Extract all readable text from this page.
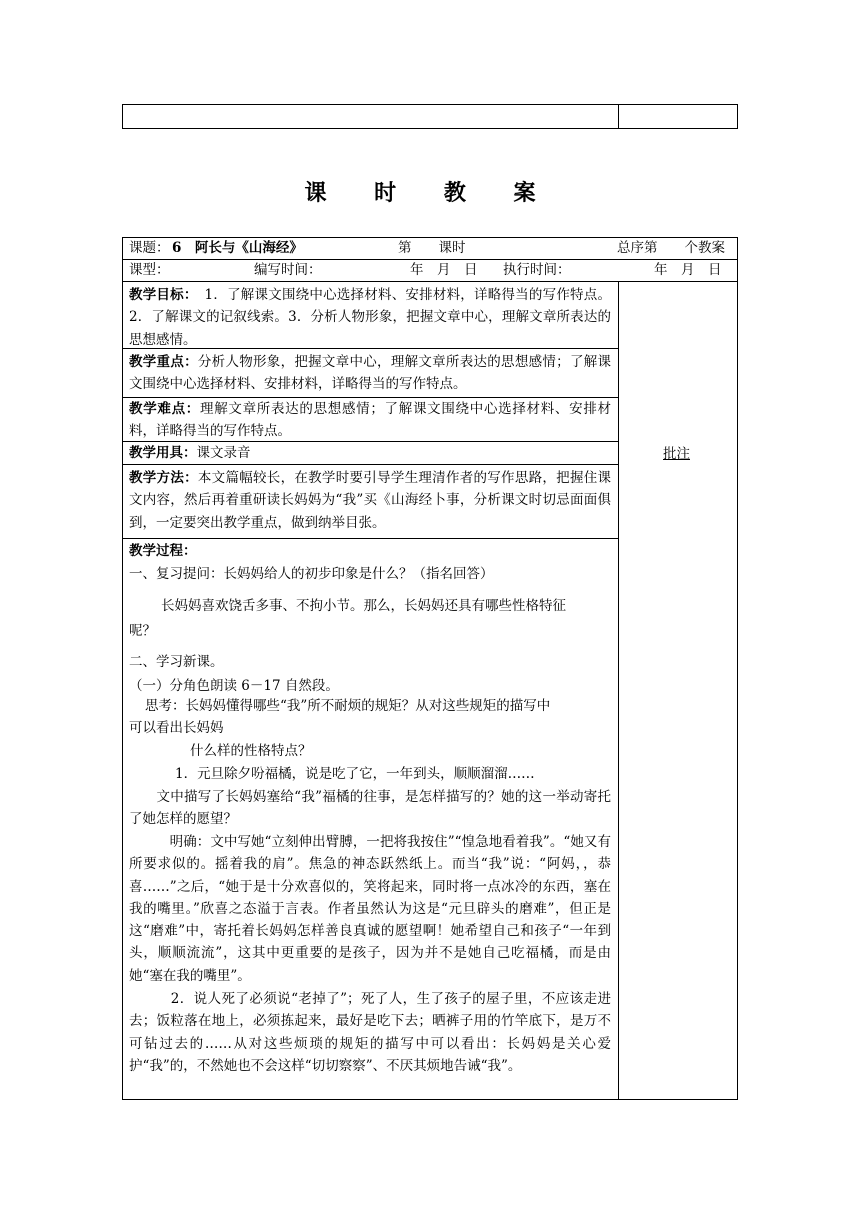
课 时 教 案
课题： 6　阿长与《山海经》	第　　课时	总序第　　个教案
课型：	编写时间：	年　月　日 执行时间：	年　月　日
教学目标：　1．了解课文围绕中心选择材料、安排材料，详略得当的写作特点。2．了解课文的记叙线索。3．分析人物形象，把握文章中心，理解文章所表达的思想感情。
教学重点：分析人物形象，把握文章中心，理解文章所表达的思想感情；了解课文围绕中心选择材料、安排材料，详略得当的写作特点。
教学难点：理解文章所表达的思想感情；了解课文围绕中心选择材料、安排材料，详略得当的写作特点。
教学用具：课文录音
教学方法：本文篇幅较长，在教学时要引导学生理清作者的写作思路，把握住课文内容，然后再着重研读长妈妈为“我”买《山海经卜事，分析课文时切忌面面俱到，一定要突出教学重点，做到纳举目张。
批注
教学过程：
一、复习提问：长妈妈给人的初步印象是什么？（指名回答）
长妈妈喜欢饶舌多事、不拘小节。那么，长妈妈还具有哪些性格特征
呢？
二、学习新课。
（一）分角色朗读 6－17 自然段。
思考：长妈妈懂得哪些“我”所不耐烦的规矩？从对这些规矩的描写中
可以看出长妈妈
什么样的性格特点？
1．元旦除夕吩福橘，说是吃了它，一年到头，顺顺溜溜……
　　文中描写了长妈妈塞给“我”福橘的往事，是怎样描写的？她的这一举动寄托了她怎样的愿望？
　　　明确：文中写她“立刻伸出臂膊，一把将我按住”“惶急地看着我”。“她又有所要求似的。摇着我的肩”。焦急的神态跃然纸上。而当“我”说：“阿妈，，恭喜……”之后，“她于是十分欢喜似的，笑将起来，同时将一点冰冷的东西，塞在我的嘴里。”欣喜之态溢于言表。作者虽然认为这是“元旦辟头的磨难”，但正是这“磨难”中，寄托着长妈妈怎样善良真诚的愿望啊！她希望自己和孩子“一年到头，顺顺流流”，这其中更重要的是孩子，因为并不是她自己吃福橘，而是由她“塞在我的嘴里”。
　　　2．说人死了必须说“老掉了”；死了人，生了孩子的屋子里，不应该走进去；饭粒落在地上，必须拣起来，最好是吃下去；晒裤子用的竹竿底下，是万不可钻过去的……从对这些烦琐的规矩的描写中可以看出：长妈妈是关心爱护“我”的，不然她也不会这样“切切察察”、不厌其烦地告诫“我”。
